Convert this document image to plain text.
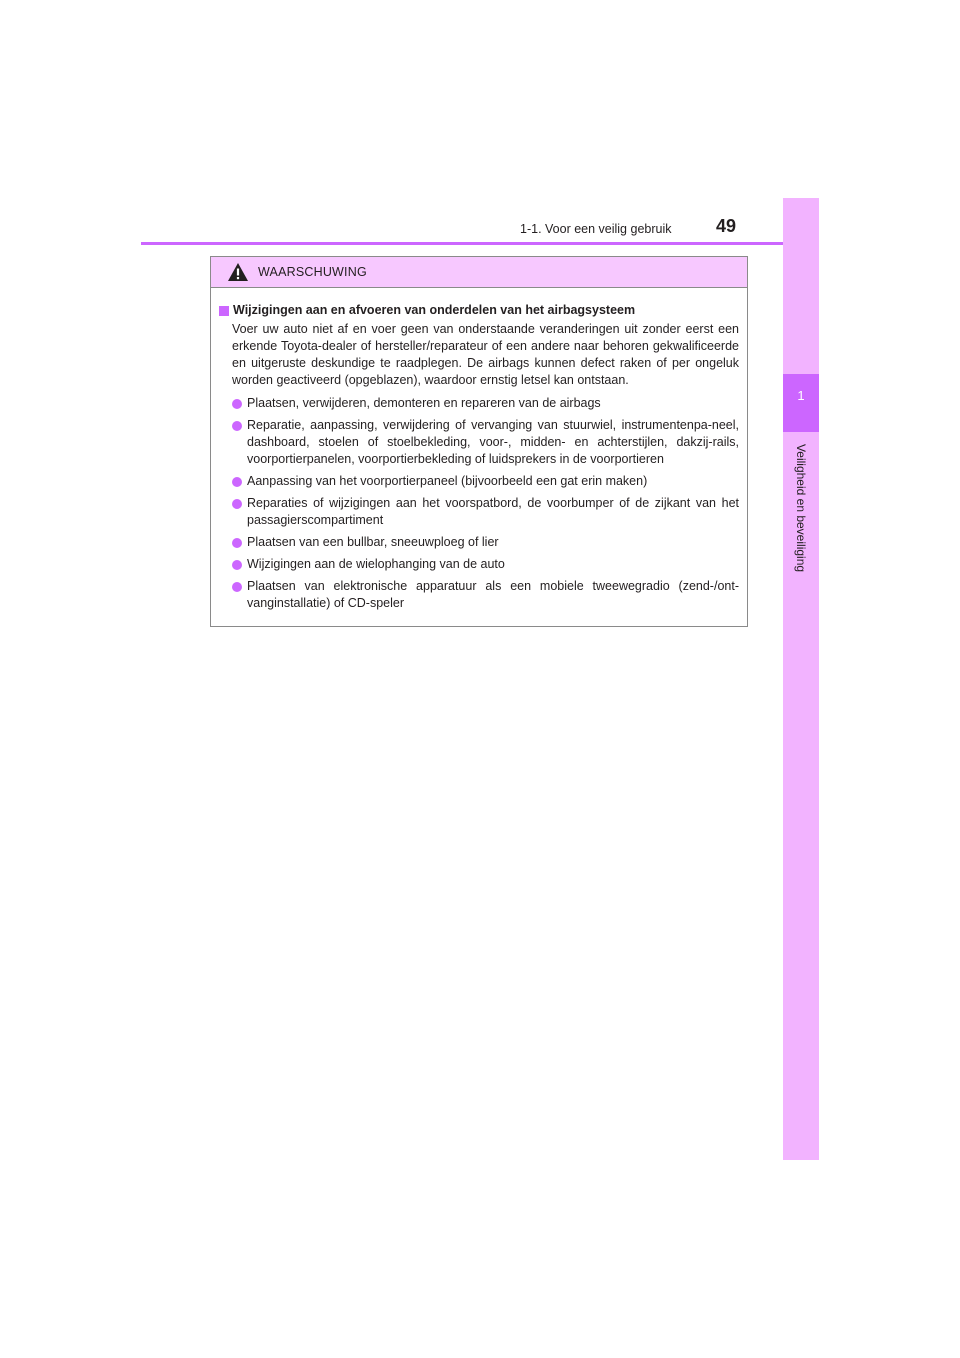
1-1. Voor een veilig gebruik 49
1
Veiligheid en beveiliging
WAARSCHUWING
Wijzigingen aan en afvoeren van onderdelen van het airbagsysteem

Voer uw auto niet af en voer geen van onderstaande veranderingen uit zonder eerst een erkende Toyota-dealer of hersteller/reparateur of een andere naar behoren gekwalificeerde en uitgeruste deskundige te raadplegen. De airbags kunnen defect raken of per ongeluk worden geactiveerd (opgeblazen), waardoor ernstig letsel kan ontstaan.

Plaatsen, verwijderen, demonteren en repareren van de airbags
Reparatie, aanpassing, verwijdering of vervanging van stuurwiel, instrumentenpa-neel, dashboard, stoelen of stoelbekleding, voor-, midden- en achterstijlen, dakzij-rails, voorportierpanelen, voorportierbekleding of luidsprekers in de voorportieren
Aanpassing van het voorportierpaneel (bijvoorbeeld een gat erin maken)
Reparaties of wijzigingen aan het voorspatbord, de voorbumper of de zijkant van het passagierscompartiment
Plaatsen van een bullbar, sneeuwploeg of lier
Wijzigingen aan de wielophanging van de auto
Plaatsen van elektronische apparatuur als een mobiele tweewegradio (zend-/ont-vanginstallatie) of CD-speler
